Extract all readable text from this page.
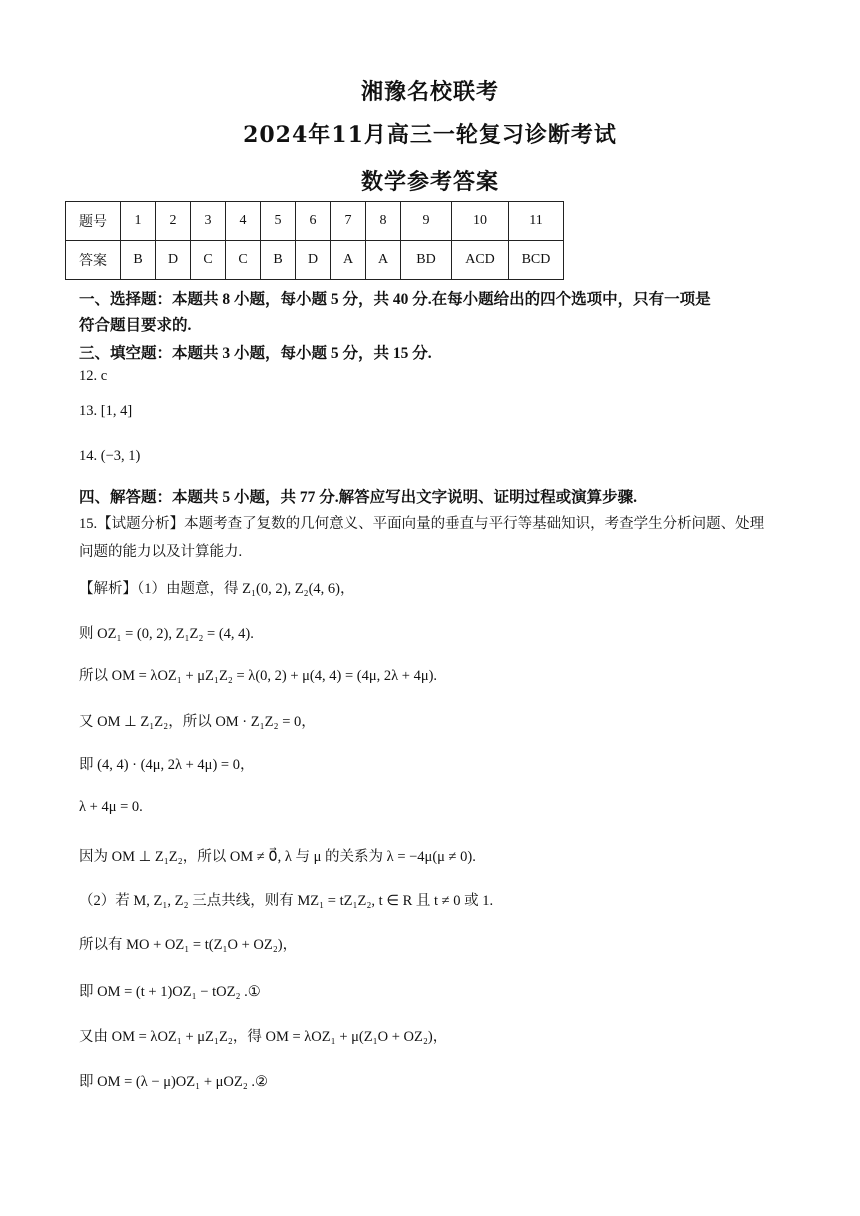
湘豫名校联考
2024年11月高三一轮复习诊断考试
数学参考答案
题号	1	2	3	4	5	6	7	8	9	10	11
答案	B	D	C	C	B	D	A	A	BD	ACD	BCD
一、选择题：本题共 8 小题，每小题 5 分，共 40 分.在每小题给出的四个选项中，只有一项是
符合题目要求的.
三、填空题：本题共 3 小题，每小题 5 分，共 15 分.
12. c
13. [1, 4]
14. (−3, 1)
四、解答题：本题共 5 小题，共 77 分.解答应写出文字说明、证明过程或演算步骤.
15.【试题分析】本题考查了复数的几何意义、平面向量的垂直与平行等基础知识，考查学生分析问题、处理
问题的能力以及计算能力.
【解析】（1）由题意，得 Z₁(0, 2), Z₂(4, 6)，
则 OZ₁ = (0, 2), Z₁Z₂ = (4, 4).
所以 OM = λOZ₁ + μZ₁Z₂ = λ(0, 2) + μ(4, 4) = (4μ, 2λ + 4μ).
又 OM ⊥ Z₁Z₂，所以 OM · Z₁Z₂ = 0，
即 (4, 4) · (4μ, 2λ + 4μ) = 0，
λ + 4μ = 0.
因为 OM ⊥ Z₁Z₂，所以 OM ≠ 0⃗, λ 与 μ 的关系为 λ = −4μ(μ ≠ 0).
（2）若 M, Z₁, Z₂ 三点共线，则有 MZ₁ = tZ₁Z₂, t ∈ R 且 t ≠ 0 或 1.
所以有 MO + OZ₁ = t(Z₁O + OZ₂)，
即 OM = (t + 1)OZ₁ − tOZ₂ .①
又由 OM = λOZ₁ + μZ₁Z₂，得 OM = λOZ₁ + μ(Z₁O + OZ₂)，
即 OM = (λ − μ)OZ₁ + μOZ₂ .②
